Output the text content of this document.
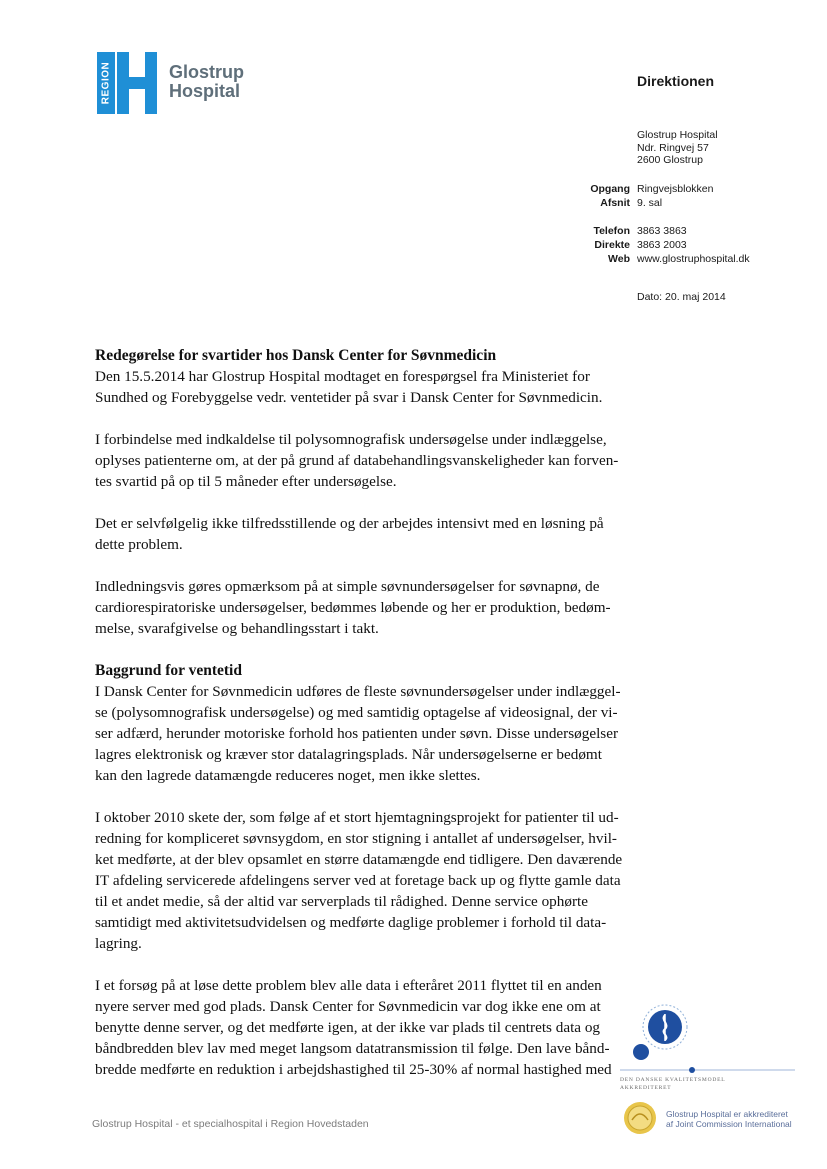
REGION	Glostrup
Hospital	Direktionen
Glostrup Hospital
Ndr. Ringvej 57
2600 Glostrup
Opgang Ringvejsblokken
Afsnit 9. sal
Telefon 3863 3863
Direkte 3863 2003
Web www.glostruphospital.dk
Dato: 20. maj 2014
Redegørelse for svartider hos Dansk Center for Søvnmedicin

Den 15.5.2014 har Glostrup Hospital modtaget en forespørgsel fra Ministeriet for
Sundhed og Forebyggelse vedr. ventetider på svar i Dansk Center for Søvnmedicin.

I forbindelse med indkaldelse til polysomnografisk undersøgelse under indlæggelse,
oplyses patienterne om, at der på grund af databehandlingsvanskeligheder kan forven-
tes svartid på op til 5 måneder efter undersøgelse.

Det er selvfølgelig ikke tilfredsstillende og der arbejdes intensivt med en løsning på
dette problem.

Indledningsvis gøres opmærksom på at simple søvnundersøgelser for søvnapnø, de
cardiorespiratoriske undersøgelser, bedømmes løbende og her er produktion, bedøm-
melse, svarafgivelse og behandlingsstart i takt.

Baggrund for ventetid

I Dansk Center for Søvnmedicin udføres de fleste søvnundersøgelser under indlæggel-
se (polysomnografisk undersøgelse) og med samtidig optagelse af videosignal, der vi-
ser adfærd, herunder motoriske forhold hos patienten under søvn. Disse undersøgelser
lagres elektronisk og kræver stor datalagringsplads. Når undersøgelserne er bedømt
kan den lagrede datamængde reduceres noget, men ikke slettes.

I oktober 2010 skete der, som følge af et stort hjemtagningsprojekt for patienter til ud-
redning for kompliceret søvnsygdom, en stor stigning i antallet af undersøgelser, hvil-
ket medførte, at der blev opsamlet en større datamængde end tidligere. Den daværende
IT afdeling servicerede afdelingens server ved at foretage back up og flytte gamle data
til et andet medie, så der altid var serverplads til rådighed. Denne service ophørte
samtidigt med aktivitetsudvidelsen og medførte daglige problemer i forhold til data-
lagring.

I et forsøg på at løse dette problem blev alle data i efteråret 2011 flyttet til en anden
nyere server med god plads. Dansk Center for Søvnmedicin var dog ikke ene om at
benytte denne server, og det medførte igen, at der ikke var plads til centrets data og
båndbredden blev lav med meget langsom datatransmission til følge. Den lave bånd-
bredde medførte en reduktion i arbejdshastighed til 25-30% af normal hastighed med

DEN DANSKE KVALITETSMODEL
AKKREDITERET
Glostrup Hospital er akkrediteret
af Joint Commission International
Glostrup Hospital - et specialhospital i Region Hovedstaden
